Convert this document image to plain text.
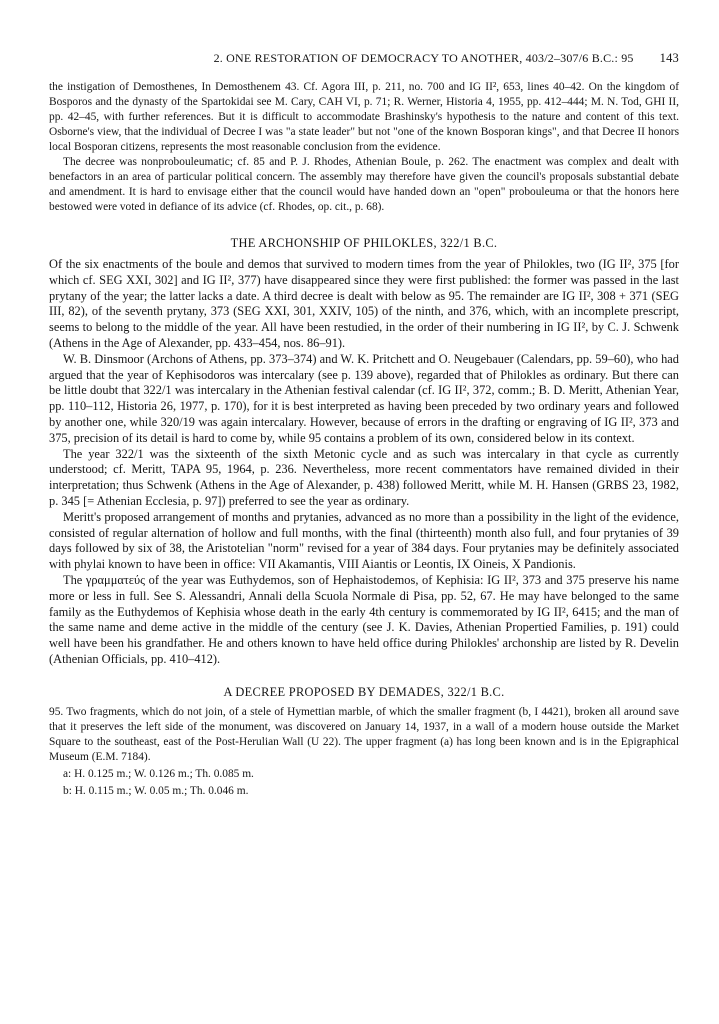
2. ONE RESTORATION OF DEMOCRACY TO ANOTHER, 403/2–307/6 B.C.: 95 143

the instigation of Demosthenes, In Demosthenem 43. Cf. Agora III, p. 211, no. 700 and IG II², 653, lines 40–42. On the kingdom of Bosporos and the dynasty of the Spartokidai see M. Cary, CAH VI, p. 71; R. Werner, Historia 4, 1955, pp. 412–444; M. N. Tod, GHI II, pp. 42–45, with further references. But it is difficult to accommodate Brashinsky's hypothesis to the nature and content of this text. Osborne's view, that the individual of Decree I was "a state leader" but not "one of the known Bosporan kings", and that Decree II honors local Bosporan citizens, represents the most reasonable conclusion from the evidence.

The decree was nonprobouleumatic; cf. 85 and P. J. Rhodes, Athenian Boule, p. 262. The enactment was complex and dealt with benefactors in an area of particular political concern. The assembly may therefore have given the council's proposals substantial debate and amendment. It is hard to envisage either that the council would have handed down an "open" probouleuma or that the honors here bestowed were voted in defiance of its advice (cf. Rhodes, op. cit., p. 68).

THE ARCHONSHIP OF PHILOKLES, 322/1 B.C.

Of the six enactments of the boule and demos that survived to modern times from the year of Philokles, two (IG II², 375 [for which cf. SEG XXI, 302] and IG II², 377) have disappeared since they were first published: the former was passed in the last prytany of the year; the latter lacks a date. A third decree is dealt with below as 95. The remainder are IG II², 308 + 371 (SEG III, 82), of the seventh prytany, 373 (SEG XXI, 301, XXIV, 105) of the ninth, and 376, which, with an incomplete prescript, seems to belong to the middle of the year. All have been restudied, in the order of their numbering in IG II², by C. J. Schwenk (Athens in the Age of Alexander, pp. 433–454, nos. 86–91).

W. B. Dinsmoor (Archons of Athens, pp. 373–374) and W. K. Pritchett and O. Neugebauer (Calendars, pp. 59–60), who had argued that the year of Kephisodoros was intercalary (see p. 139 above), regarded that of Philokles as ordinary. But there can be little doubt that 322/1 was intercalary in the Athenian festival calendar (cf. IG II², 372, comm.; B. D. Meritt, Athenian Year, pp. 110–112, Historia 26, 1977, p. 170), for it is best interpreted as having been preceded by two ordinary years and followed by another one, while 320/19 was again intercalary. However, because of errors in the drafting or engraving of IG II², 373 and 375, precision of its detail is hard to come by, while 95 contains a problem of its own, considered below in its context.

The year 322/1 was the sixteenth of the sixth Metonic cycle and as such was intercalary in that cycle as currently understood; cf. Meritt, TAPA 95, 1964, p. 236. Nevertheless, more recent commentators have remained divided in their interpretation; thus Schwenk (Athens in the Age of Alexander, p. 438) followed Meritt, while M. H. Hansen (GRBS 23, 1982, p. 345 [= Athenian Ecclesia, p. 97]) preferred to see the year as ordinary.

Meritt's proposed arrangement of months and prytanies, advanced as no more than a possibility in the light of the evidence, consisted of regular alternation of hollow and full months, with the final (thirteenth) month also full, and four prytanies of 39 days followed by six of 38, the Aristotelian "norm" revised for a year of 384 days. Four prytanies may be definitely associated with phylai known to have been in office: VII Akamantis, VIII Aiantis or Leontis, IX Oineis, X Pandionis.

The γραμματεύς of the year was Euthydemos, son of Hephaistodemos, of Kephisia: IG II², 373 and 375 preserve his name more or less in full. See S. Alessandri, Annali della Scuola Normale di Pisa, pp. 52, 67. He may have belonged to the same family as the Euthydemos of Kephisia whose death in the early 4th century is commemorated by IG II², 6415; and the man of the same name and deme active in the middle of the century (see J. K. Davies, Athenian Propertied Families, p. 191) could well have been his grandfather. He and others known to have held office during Philokles' archonship are listed by R. Develin (Athenian Officials, pp. 410–412).

A DECREE PROPOSED BY DEMADES, 322/1 B.C.

95. Two fragments, which do not join, of a stele of Hymettian marble, of which the smaller fragment (b, I 4421), broken all around save that it preserves the left side of the monument, was discovered on January 14, 1937, in a wall of a modern house outside the Market Square to the southeast, east of the Post-Herulian Wall (U 22). The upper fragment (a) has long been known and is in the Epigraphical Museum (E.M. 7184).

a: H. 0.125 m.; W. 0.126 m.; Th. 0.085 m.
b: H. 0.115 m.; W. 0.05 m.; Th. 0.046 m.
